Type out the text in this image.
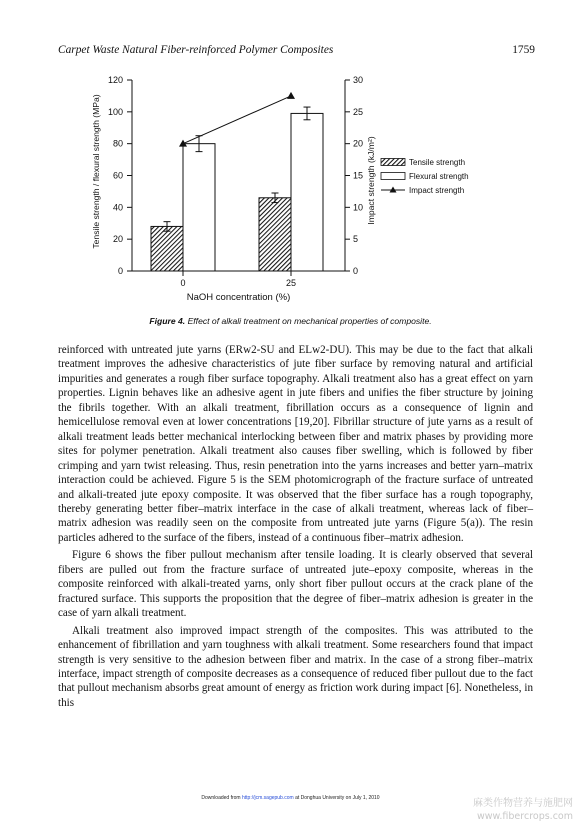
Carpet Waste Natural Fiber-reinforced Polymer Composites	1759
0
20
40
60
80
100
120
0
5
10
15
20
25
30
0	25
NaOH concentration (%)
Tensile strength / flexural strength (MPa)	Impact strength (kJ/m²)	Tensile strength
Flexural strength
Impact strength
Figure 4. Effect of alkali treatment on mechanical properties of composite.

reinforced with untreated jute yarns (ERw2-SU and ELw2-DU). This may be due to the fact that alkali treatment improves the adhesive characteristics of jute fiber surface by removing natural and artificial impurities and generates a rough fiber surface topography. Alkali treatment also has a great effect on yarn properties. Lignin behaves like an adhesive agent in jute fibers and unifies the fiber structure by joining the fibrils together. With an alkali treatment, fibrillation occurs as a consequence of lignin and hemicellulose removal even at lower concentrations [19,20]. Fibrillar structure of jute yarns as a result of alkali treatment leads better mechanical interlocking between fiber and matrix phases by providing more sites for polymer penetration. Alkali treatment also causes fiber swelling, which is followed by fiber crimping and yarn twist releasing. Thus, resin penetration into the yarns increases and better yarn–matrix interaction could be achieved. Figure 5 is the SEM photomicrograph of the fracture surface of untreated and alkali-treated jute epoxy composite. It was observed that the fiber surface has a rough topography, thereby generating better fiber–matrix interface in the case of alkali treatment, whereas lack of fiber–matrix adhesion was readily seen on the composite from untreated jute yarns (Figure 5(a)). The resin particles adhered to the surface of the fibers, instead of a continuous fiber–matrix adhesion.

Figure 6 shows the fiber pullout mechanism after tensile loading. It is clearly observed that several fibers are pulled out from the fracture surface of untreated jute–epoxy composite, whereas in the composite reinforced with alkali-treated yarns, only short fiber pullout occurs at the crack plane of the fractured surface. This supports the proposition that the degree of fiber–matrix adhesion is greater in the case of yarn alkali treatment.

Alkali treatment also improved impact strength of the composites. This was attributed to the enhancement of fibrillation and yarn toughness with alkali treatment. Some researchers found that impact strength is very sensitive to the adhesion between fiber and matrix. In the case of a strong fiber–matrix interface, impact strength of composite decreases as a consequence of reduced fiber pullout due to the fact that pullout mechanism absorbs great amount of energy as friction work during impact [6]. Nonetheless, in this

Downloaded from http://jcm.sagepub.com at Donghua University on July 1, 2010	麻类作物营养与施肥网
www.fibercrops.com
